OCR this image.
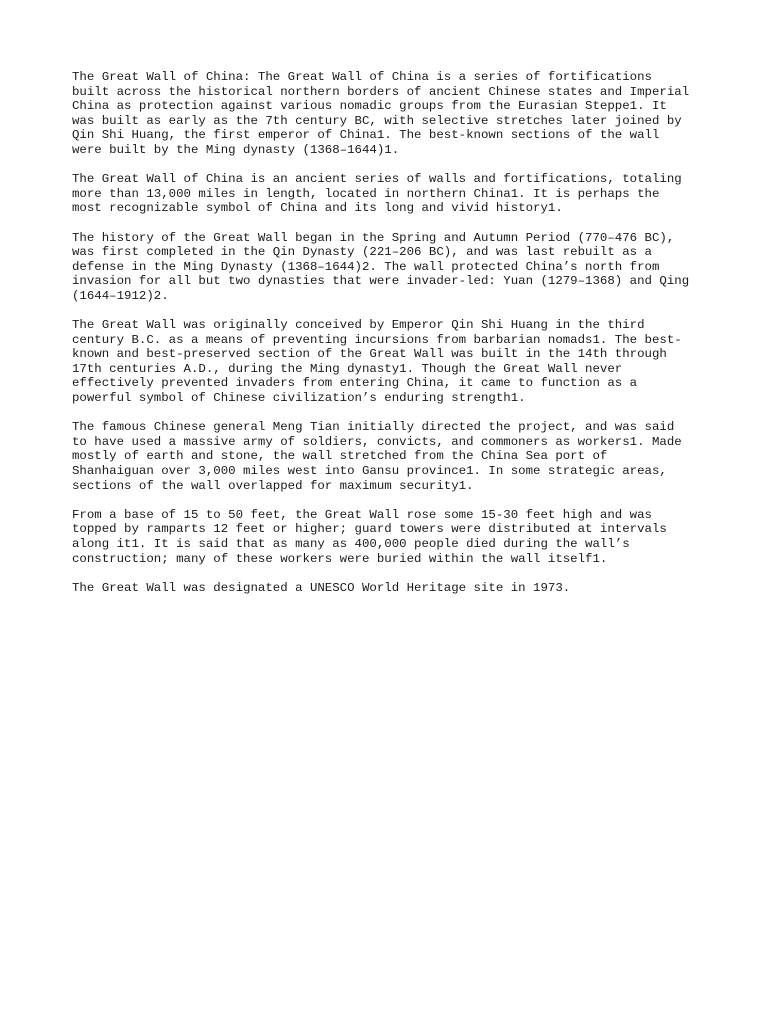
The Great Wall of China: The Great Wall of China is a series of fortifications
built across the historical northern borders of ancient Chinese states and Imperial
China as protection against various nomadic groups from the Eurasian Steppe1. It
was built as early as the 7th century BC, with selective stretches later joined by
Qin Shi Huang, the first emperor of China1. The best-known sections of the wall
were built by the Ming dynasty (1368–1644)1.

The Great Wall of China is an ancient series of walls and fortifications, totaling
more than 13,000 miles in length, located in northern China1. It is perhaps the
most recognizable symbol of China and its long and vivid history1.

The history of the Great Wall began in the Spring and Autumn Period (770–476 BC),
was first completed in the Qin Dynasty (221–206 BC), and was last rebuilt as a
defense in the Ming Dynasty (1368–1644)2. The wall protected China’s north from
invasion for all but two dynasties that were invader-led: Yuan (1279–1368) and Qing
(1644–1912)2.

The Great Wall was originally conceived by Emperor Qin Shi Huang in the third
century B.C. as a means of preventing incursions from barbarian nomads1. The best-
known and best-preserved section of the Great Wall was built in the 14th through
17th centuries A.D., during the Ming dynasty1. Though the Great Wall never
effectively prevented invaders from entering China, it came to function as a
powerful symbol of Chinese civilization’s enduring strength1.

The famous Chinese general Meng Tian initially directed the project, and was said
to have used a massive army of soldiers, convicts, and commoners as workers1. Made
mostly of earth and stone, the wall stretched from the China Sea port of
Shanhaiguan over 3,000 miles west into Gansu province1. In some strategic areas,
sections of the wall overlapped for maximum security1.

From a base of 15 to 50 feet, the Great Wall rose some 15-30 feet high and was
topped by ramparts 12 feet or higher; guard towers were distributed at intervals
along it1. It is said that as many as 400,000 people died during the wall’s
construction; many of these workers were buried within the wall itself1.

The Great Wall was designated a UNESCO World Heritage site in 1973.
